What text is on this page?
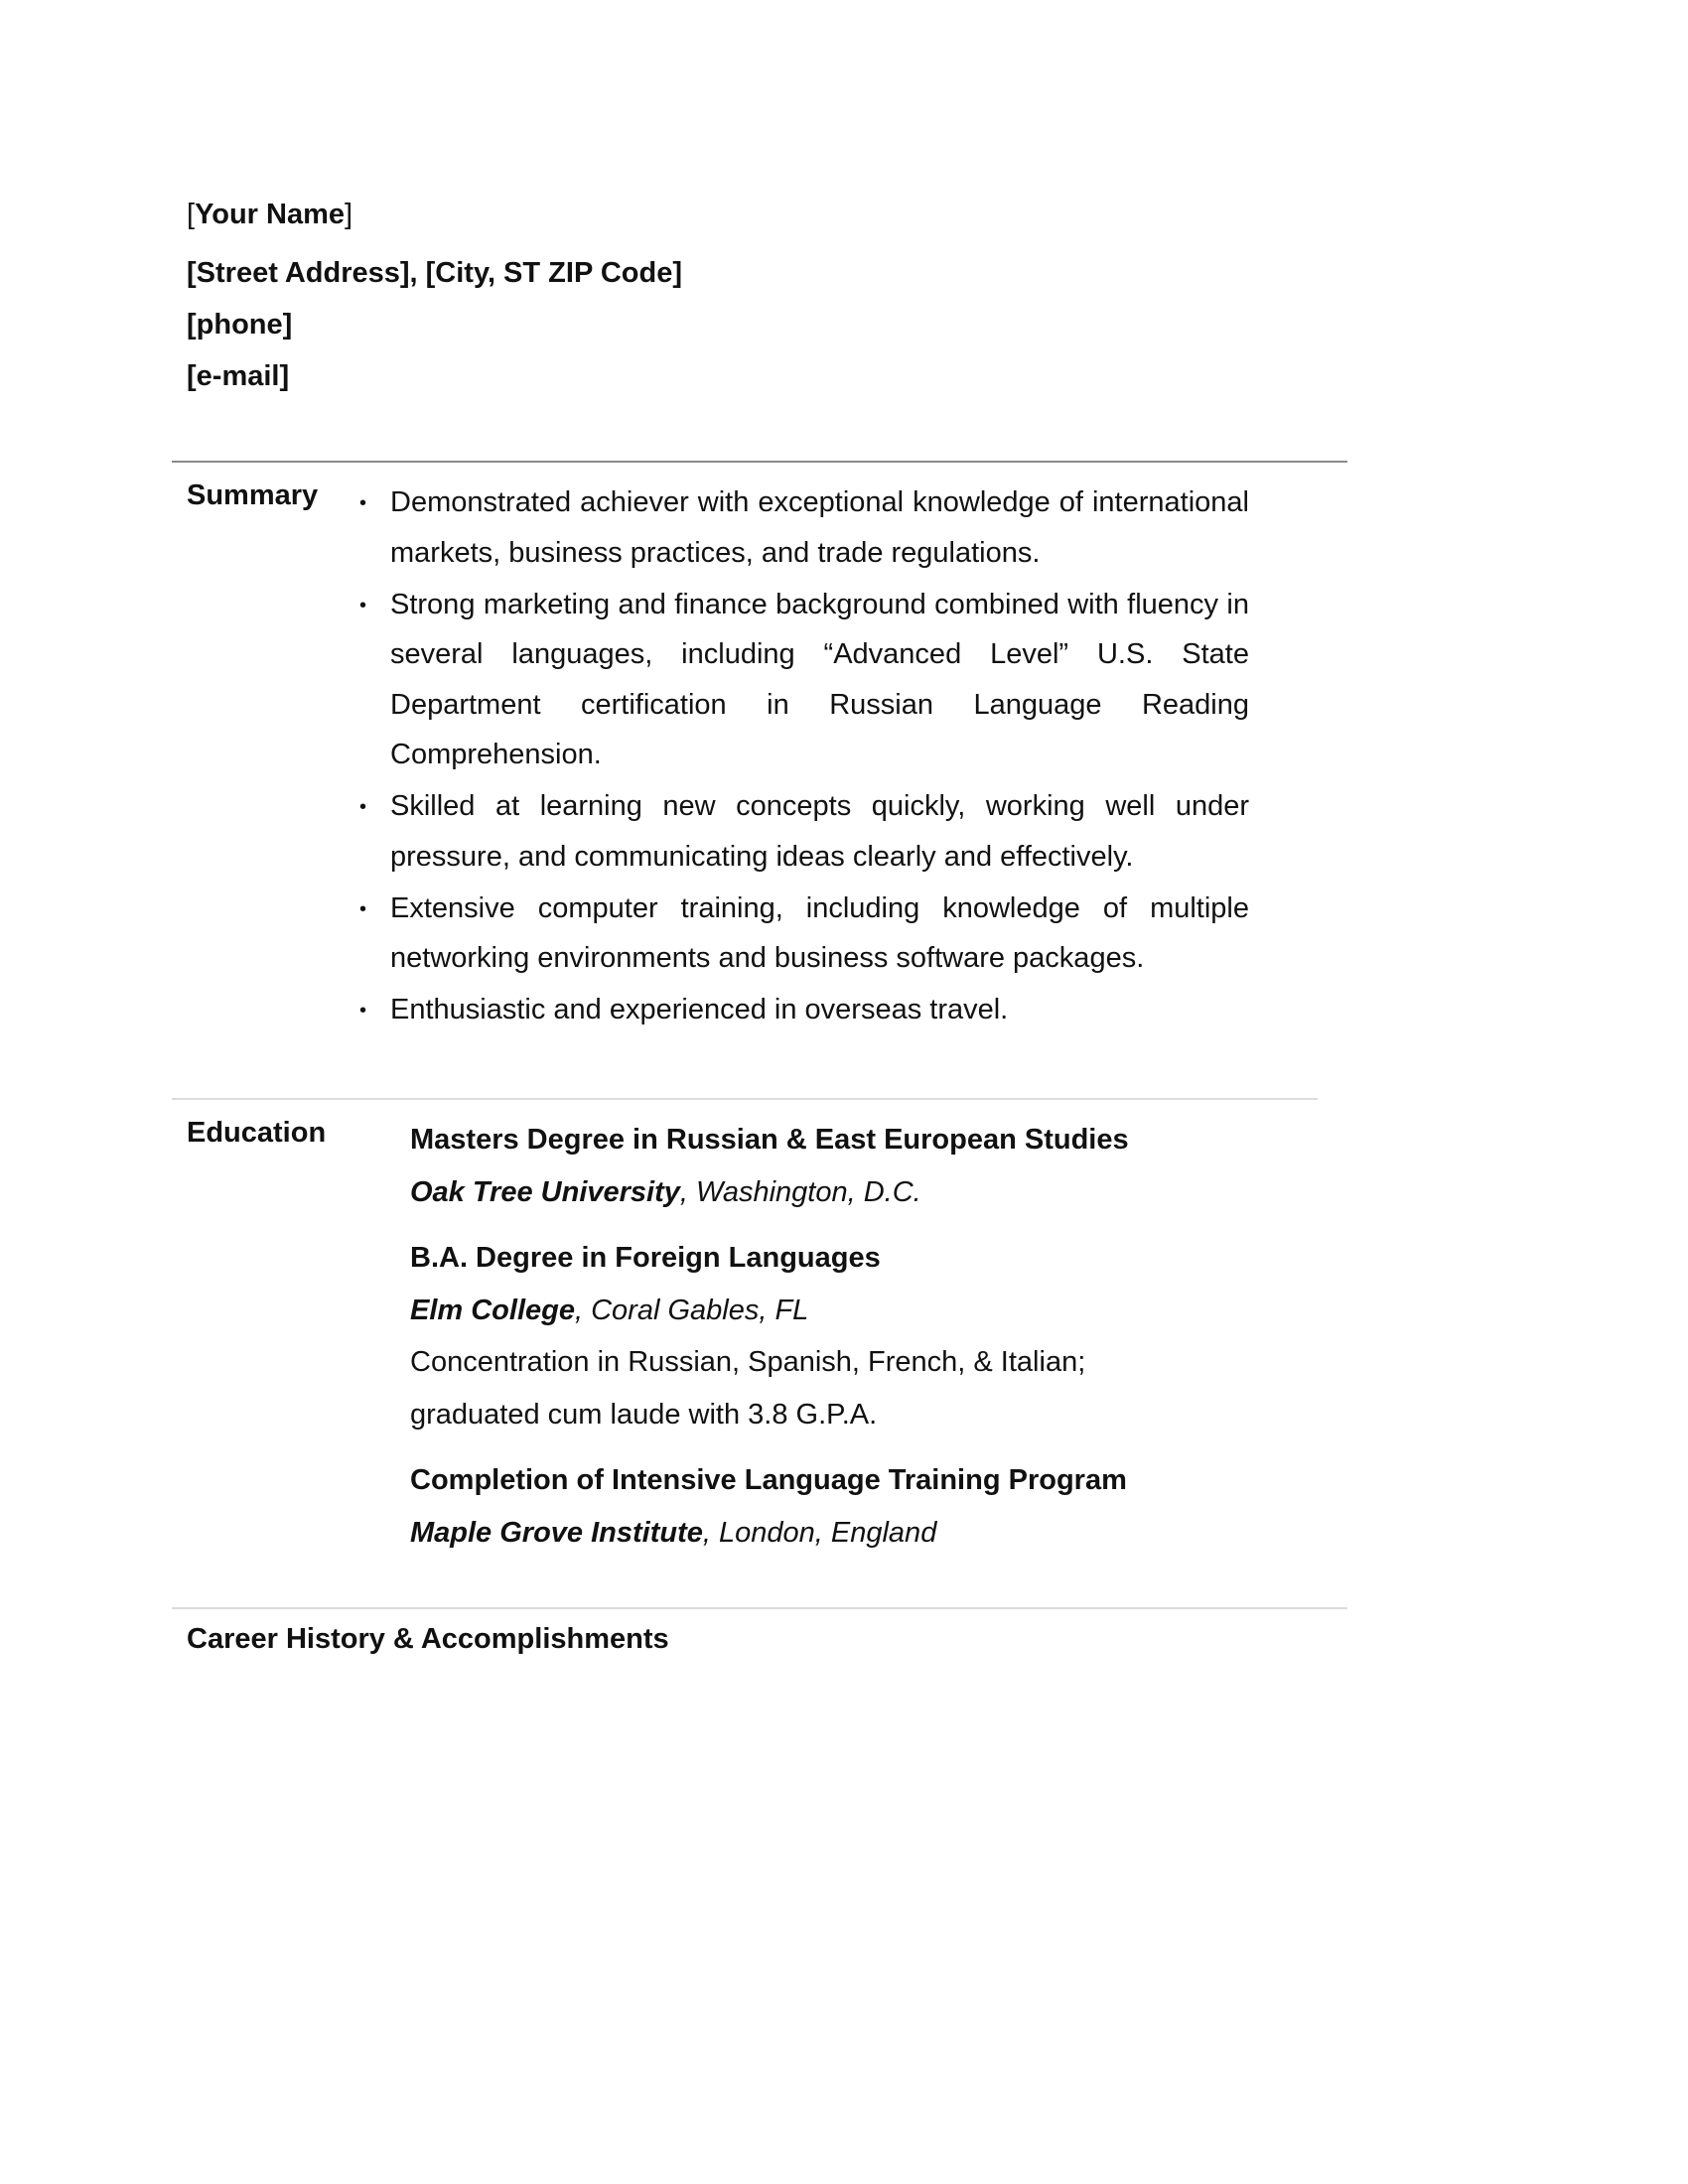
[Your Name]
[Street Address], [City, ST ZIP Code]
[phone]
[e-mail]
Summary • Demonstrated achiever with exceptional knowledge of international markets, business practices, and trade regulations.
• Strong marketing and finance background combined with fluency in several languages, including “Advanced Level” U.S. State Department certification in Russian Language Reading Comprehension.
• Skilled at learning new concepts quickly, working well under pressure, and communicating ideas clearly and effectively.
• Extensive computer training, including knowledge of multiple networking environments and business software packages.
• Enthusiastic and experienced in overseas travel.
Education	Masters Degree in Russian & East European Studies
Oak Tree University, Washington, D.C.
B.A. Degree in Foreign Languages
Elm College, Coral Gables, FL
Concentration in Russian, Spanish, French, & Italian;
graduated cum laude with 3.8 G.P.A.
Completion of Intensive Language Training Program
Maple Grove Institute, London, England
Career History & Accomplishments
